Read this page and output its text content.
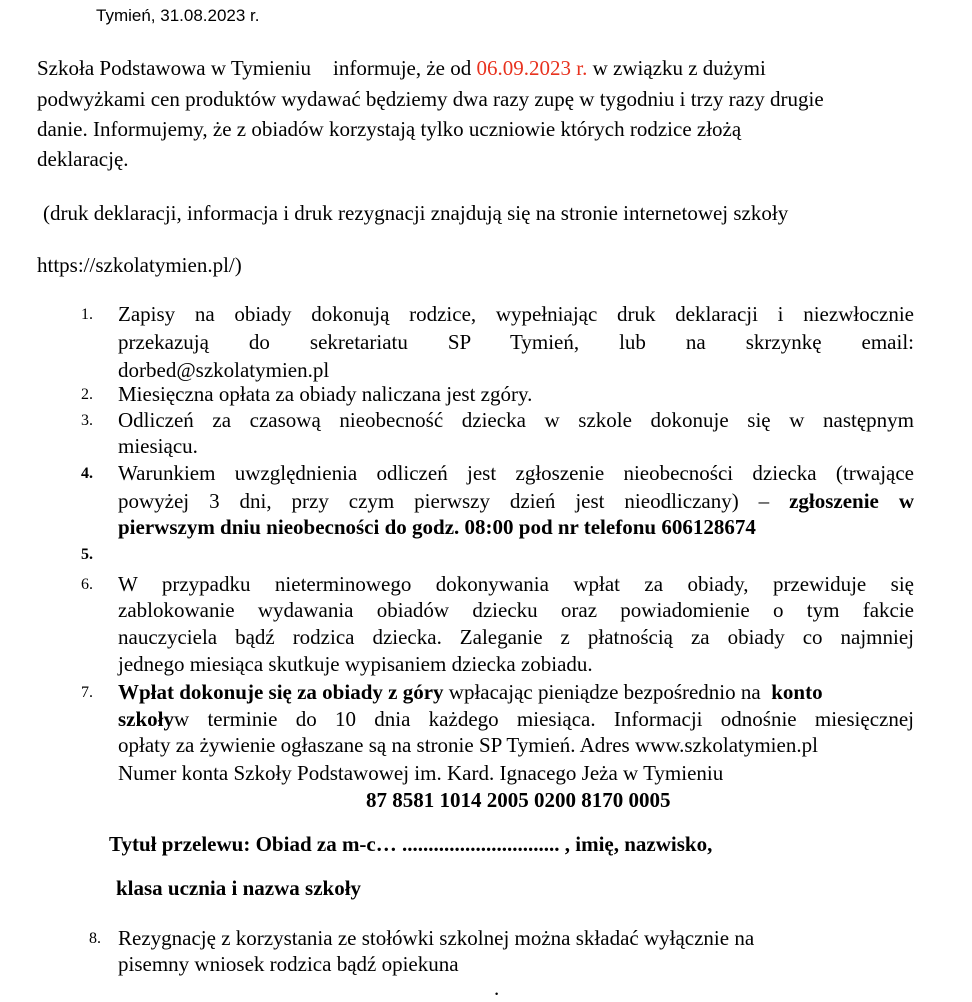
Tymień, 31.08.2023 r.
Szkoła Podstawowa w Tymieniu informuje, że od 06.09.2023 r. w związku z dużymi
podwyżkami cen produktów wydawać będziemy dwa razy zupę w tygodniu i trzy razy drugie
danie. Informujemy, że z obiadów korzystają tylko uczniowie których rodzice złożą
deklarację.
(druk deklaracji, informacja i druk rezygnacji znajdują się na stronie internetowej szkoły
https://szkolatymien.pl/)
1. Zapisy na obiady dokonują rodzice, wypełniając druk deklaracji i niezwłocznie
przekazują do sekretariatu SP Tymień, lub na skrzynkę email:
dorbed@szkolatymien.pl
2. Miesięczna opłata za obiady naliczana jest zgóry.
3. Odliczeń za czasową nieobecność dziecka w szkole dokonuje się w następnym
miesiącu.
4. Warunkiem uwzględnienia odliczeń jest zgłoszenie nieobecności dziecka (trwające
powyżej 3 dni, przy czym pierwszy dzień jest nieodliczany) – zgłoszenie w
pierwszym dniu nieobecności do godz. 08:00 pod nr telefonu 606128674
5.
6. W przypadku nieterminowego dokonywania wpłat za obiady, przewiduje się
zablokowanie wydawania obiadów dziecku oraz powiadomienie o tym fakcie
nauczyciela bądź rodzica dziecka. Zaleganie z płatnością za obiady co najmniej
jednego miesiąca skutkuje wypisaniem dziecka zobiadu.
7. Wpłat dokonuje się za obiady z góry wpłacając pieniądze bezpośrednio na konto
szkoływ terminie do 10 dnia każdego miesiąca. Informacji odnośnie miesięcznej
opłaty za żywienie ogłaszane są na stronie SP Tymień. Adres www.szkolatymien.pl
Numer konta Szkoły Podstawowej im. Kard. Ignacego Jeża w Tymieniu
87 8581 1014 2005 0200 8170 0005
Tytuł przelewu: Obiad za m-c… .............................. , imię, nazwisko,
klasa ucznia i nazwa szkoły
8. Rezygnację z korzystania ze stołówki szkolnej można składać wyłącznie na
pisemny wniosek rodzica bądź opiekuna
.
